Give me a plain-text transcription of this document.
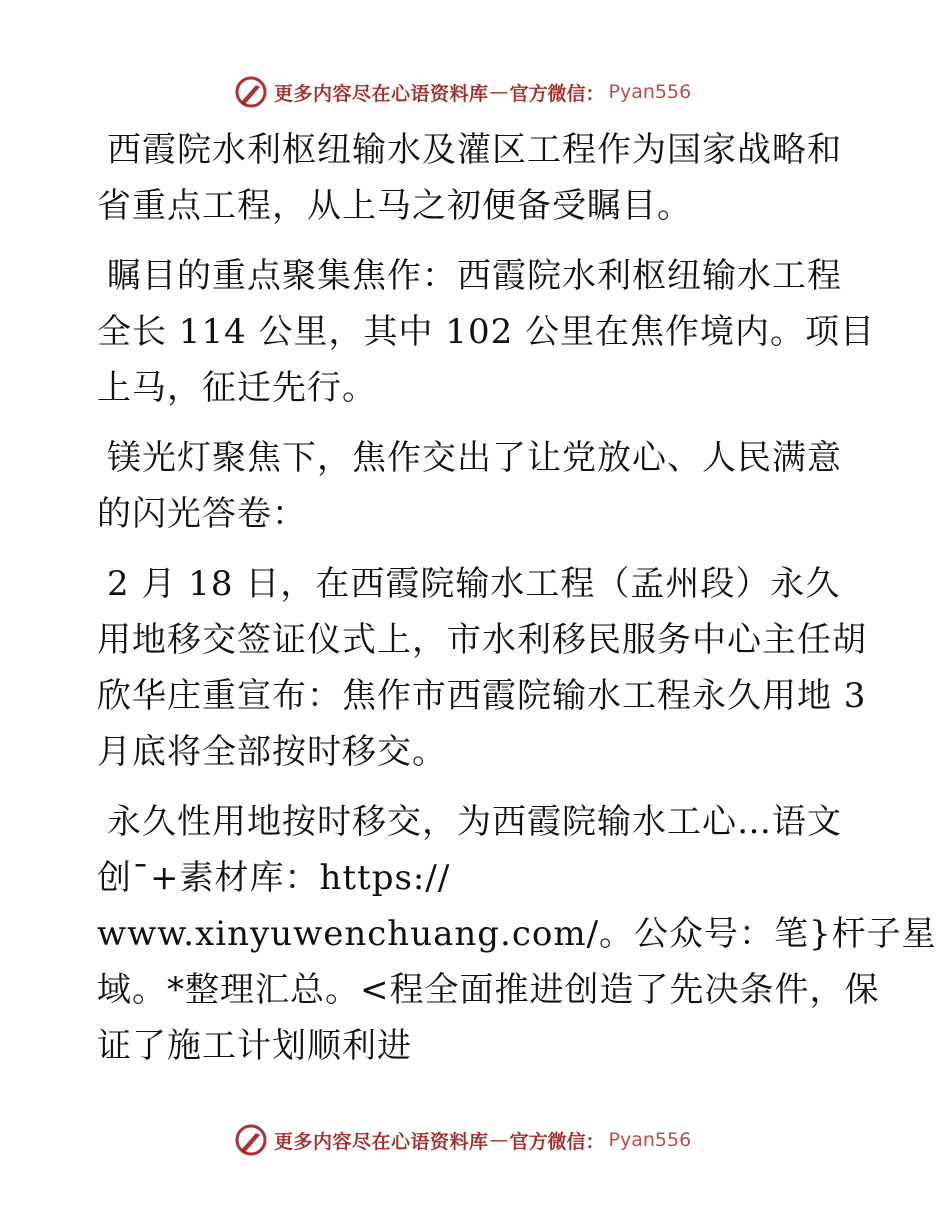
更多内容尽在心语资料库 — 官方微信： Pyan556

西霞院水利枢纽输水及灌区工程作为国家战略和
省重点工程，从上马之初便备受瞩目。

瞩目的重点聚集焦作：西霞院水利枢纽输水工程
全长 114 公里，其中 102 公里在焦作境内。项目
上马，征迁先行。

镁光灯聚焦下，焦作交出了让党放心、人民满意
的闪光答卷：

2 月 18 日，在西霞院输水工程（孟州段）永久
用地移交签证仪式上，市水利移民服务中心主任胡
欣华庄重宣布：焦作市西霞院输水工程永久用地 3
月底将全部按时移交。

永久性用地按时移交，为西霞院输水工心…语文
创¯+素材库：https://
www.xinyuwenchuang.com/。公众号：笔}杆子星
域。*整理汇总。<程全面推进创造了先决条件，保
证了施工计划顺利进

更多内容尽在心语资料库 — 官方微信： Pyan556
